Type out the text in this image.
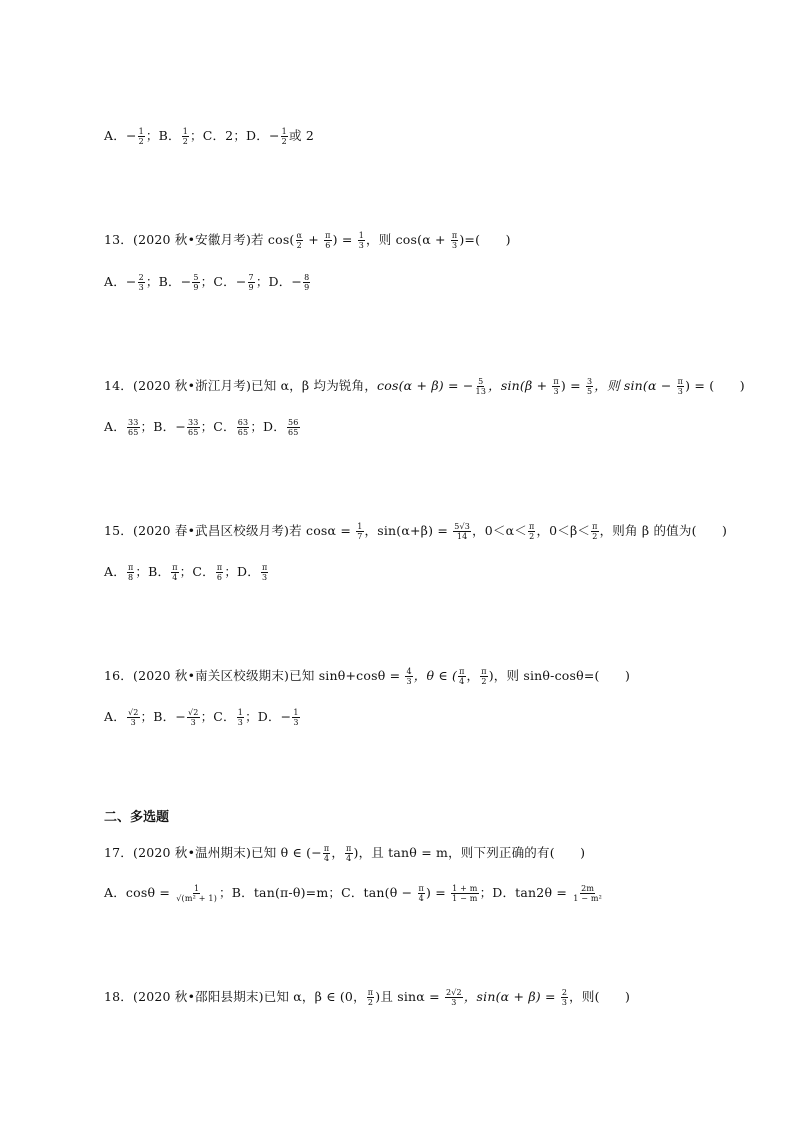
A．− $\frac{1}{2}$ ；B． $\frac{1}{2}$ ；C．2；D．− $\frac{1}{2}$ 或 2
13．(2020 秋•安徽月考)若 $\cos( \frac{\alpha}{2} + \frac{\pi}{6}$ ) = $\frac{1}{3}$ ，则 $\cos(\alpha + \frac{\pi}{3}$ )=(　　)
A．− $\frac{2}{3}$ ；B．− $\frac{5}{9}$ ；C．− $\frac{7}{9}$ ；D．− $\frac{8}{9}$
14．(2020 秋•浙江月考)已知 α，β 均为锐角，cos(α + β) = − $\frac{5}{13}$ ，$\sin(\beta + \frac{\pi}{3}$ ) = $\frac{3}{5}$ ，则 $\sin(\alpha - \frac{\pi}{3}$ ) = (　　)
A． $\frac{33}{65}$ ；B．− $\frac{33}{65}$ ；C． $\frac{63}{65}$ ；D． $\frac{56}{65}$
15．(2020 春•武昌区校级月考)若 $\cos\alpha = \frac{1}{7}$ ，$\sin(\alpha+\beta) = \frac{5√3}{14}$ ，$0<\alpha< \frac{\pi}{2}$ ，$0<\beta< \frac{\pi}{2}$ ，则角 β 的值为(　　)
A． $\frac{\pi}{8}$ ；B． $\frac{\pi}{4}$ ；C． $\frac{\pi}{6}$ ；D． $\frac{\pi}{3}$
16．(2020 秋•南关区校级期末)已知 $\sin\theta+\cos\theta = \frac{4}{3}$ ，θ ∈ ( $\frac{\pi}{4}$ ， $\frac{\pi}{2}$ )，则 sinθ-cosθ=(　　)
A． $\frac{√2}{3}$ ；B．− $\frac{√2}{3}$ ；C． $\frac{1}{3}$ ；D．− $\frac{1}{3}$
二、多选题
17．(2020 秋•温州期末)已知 θ ∈ (− $\frac{\pi}{4}$ ， $\frac{\pi}{4}$ )，且 tanθ = m，则下列正确的有(　　)
A．$\cos\theta = \frac{1}{\text{√(m² + 1)}}$ ；B．tan(π-θ)=m；C．$\tan(\theta - \frac{\pi}{4}$ ) = $\frac{1 + m}{1 - m}$ ；D．$\tan 2\theta = \frac{2m}{\text{1 − m²}}$
18．(2020 秋•邵阳县期末)已知 α，β ∈ (0， $\frac{\pi}{2}$ )且 $\sin\alpha = \frac{2√2}{3}$ ，$\sin(\alpha + \beta) = \frac{2}{3}$ ，则(　　)
